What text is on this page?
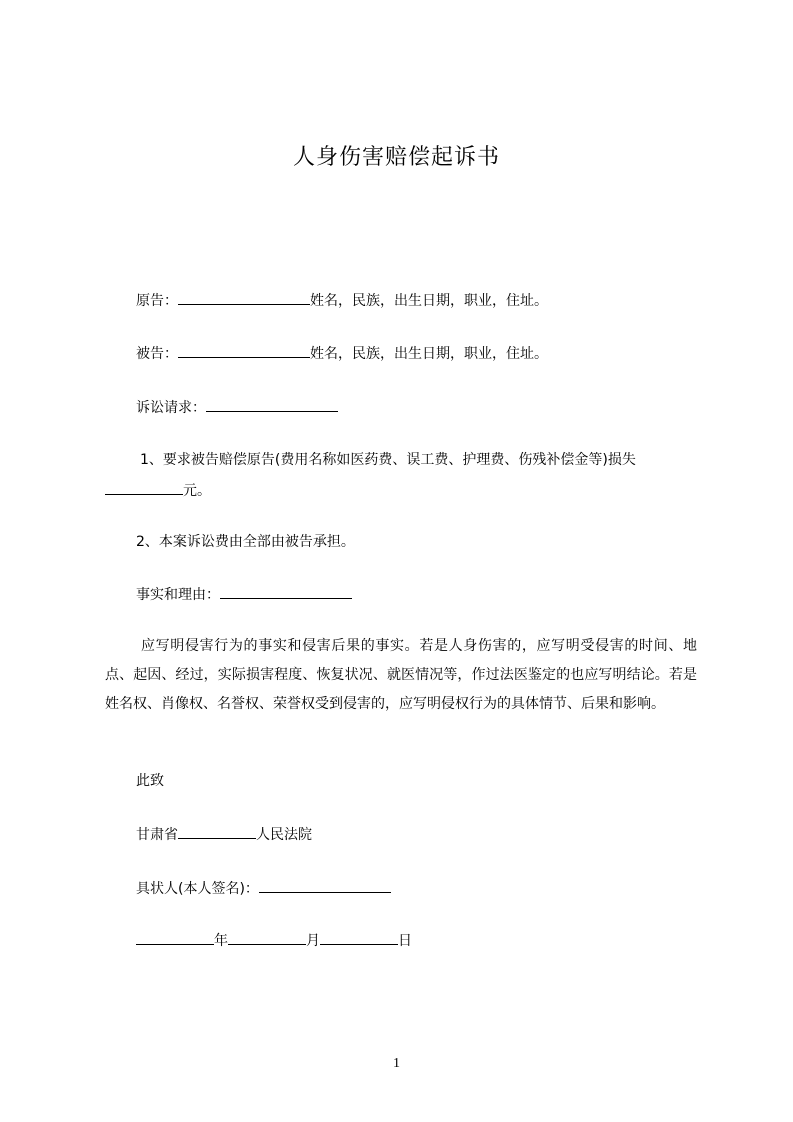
人身伤害赔偿起诉书
原告：	姓名，民族，出生日期，职业，住址。
被告：	姓名，民族，出生日期，职业，住址。
诉讼请求：
1、要求被告赔偿原告(费用名称如医药费、误工费、护理费、伤残补偿金等)损失
元。
2、本案诉讼费由全部由被告承担。
事实和理由：
应写明侵害行为的事实和侵害后果的事实。若是人身伤害的，应写明受侵害的时间、地点、起因、经过，实际损害程度、恢复状况、就医情况等，作过法医鉴定的也应写明结论。若是姓名权、肖像权、名誉权、荣誉权受到侵害的，应写明侵权行为的具体情节、后果和影响。
此致
甘肃省	人民法院
具状人(本人签名)：
年	月	日
1
